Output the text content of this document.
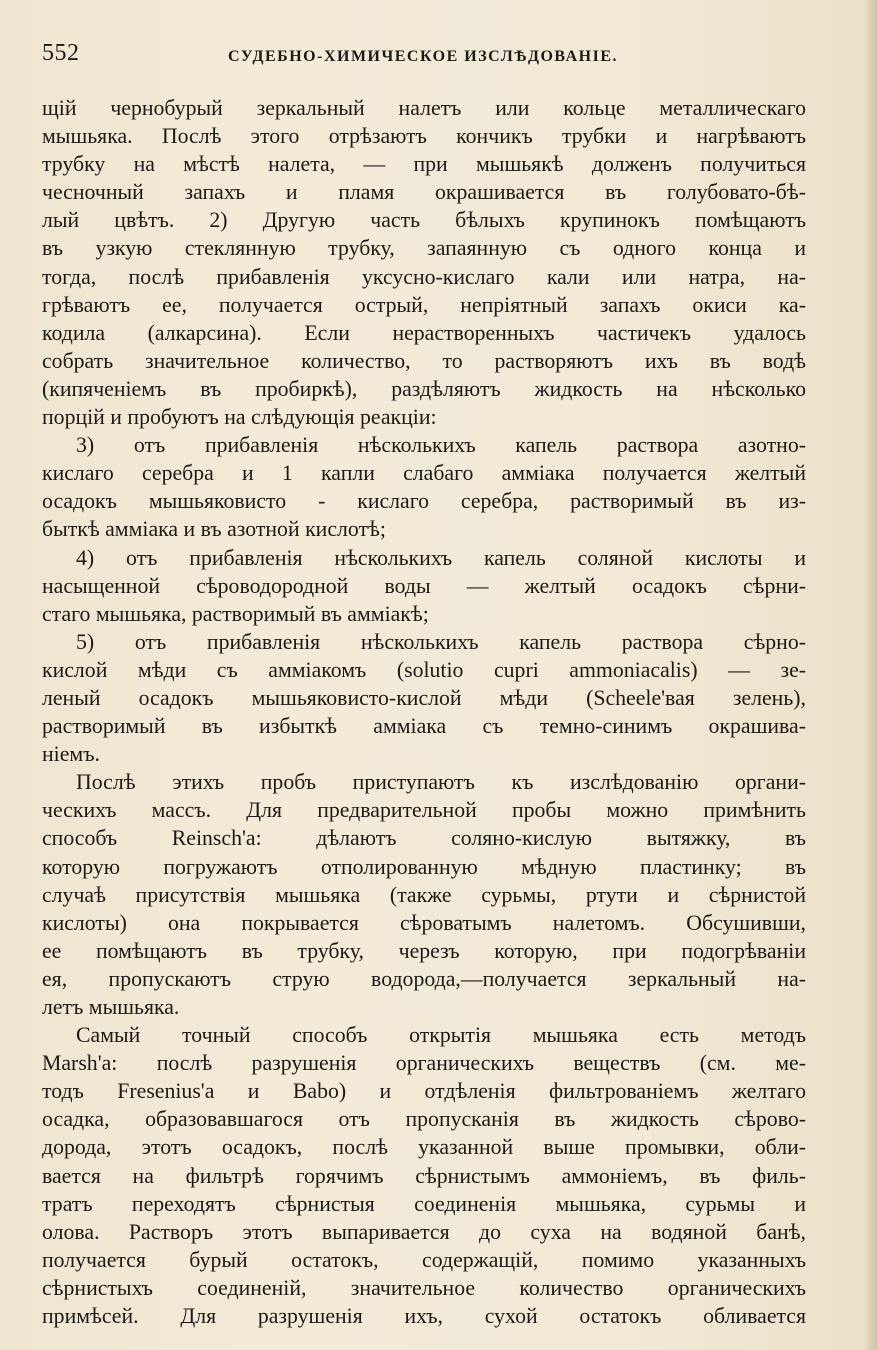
552	СУДЕБНО-ХИМИЧЕСКОЕ ИЗСЛѢДОВАНІЕ.
щій чернобурый зеркальный налетъ или кольце металлическаго
мышьяка. Послѣ этого отрѣзаютъ кончикъ трубки и нагрѣваютъ
трубку на мѣстѣ налета, — при мышьякѣ долженъ получиться
чесночный запахъ и пламя окрашивается въ голубовато-бѣ-
лый цвѣтъ. 2) Другую часть бѣлыхъ крупинокъ помѣщаютъ
въ узкую стеклянную трубку, запаянную съ одного конца и
тогда, послѣ прибавленія уксусно-кислаго кали или натра, на-
грѣваютъ ее, получается острый, непріятный запахъ окиси ка-
кодила (алкарсина). Если нерастворенныхъ частичекъ удалось
собрать значительное количество, то растворяютъ ихъ въ водѣ
(кипяченіемъ въ пробиркѣ), раздѣляютъ жидкость на нѣсколько
порцій и пробуютъ на слѣдующія реакціи:
3) отъ прибавленія нѣсколькихъ капель раствора азотно-
кислаго серебра и 1 капли слабаго амміака получается желтый
осадокъ мышьяковисто - кислаго серебра, растворимый въ из-
быткѣ амміака и въ азотной кислотѣ;
4) отъ прибавленія нѣсколькихъ капель соляной кислоты и
насыщенной сѣроводородной воды — желтый осадокъ сѣрни-
стаго мышьяка, растворимый въ амміакѣ;
5) отъ прибавленія нѣсколькихъ капель раствора сѣрно-
кислой мѣди съ амміакомъ (solutio cupri ammoniacalis) — зе-
леный осадокъ мышьяковисто-кислой мѣди (Scheele'вая зелень),
растворимый въ избыткѣ амміака съ темно-синимъ окрашива-
ніемъ.
Послѣ этихъ пробъ приступаютъ къ изслѣдованію органи-
ческихъ массъ. Для предварительной пробы можно примѣнить
способъ Reinsch'а: дѣлаютъ соляно-кислую вытяжку, въ
которую погружаютъ отполированную мѣдную пластинку; въ
случаѣ присутствія мышьяка (также сурьмы, ртути и сѣрнистой
кислоты) она покрывается сѣроватымъ налетомъ. Обсушивши,
ее помѣщаютъ въ трубку, черезъ которую, при подогрѣваніи
ея, пропускаютъ струю водорода,—получается зеркальный на-
летъ мышьяка.
Самый точный способъ открытія мышьяка есть методъ
Marsh'а: послѣ разрушенія органическихъ веществъ (см. ме-
тодъ Fresenius'а и Babo) и отдѣленія фильтрованіемъ желтаго
осадка, образовавшагося отъ пропусканія въ жидкость сѣрово-
дорода, этотъ осадокъ, послѣ указанной выше промывки, обли-
вается на фильтрѣ горячимъ сѣрнистымъ аммоніемъ, въ филь-
тратъ переходятъ сѣрнистыя соединенія мышьяка, сурьмы и
олова. Растворъ этотъ выпаривается до суха на водяной банѣ,
получается бурый остатокъ, содержащій, помимо указанныхъ
сѣрнистыхъ соединеній, значительное количество органическихъ
примѣсей. Для разрушенія ихъ, сухой остатокъ обливается
